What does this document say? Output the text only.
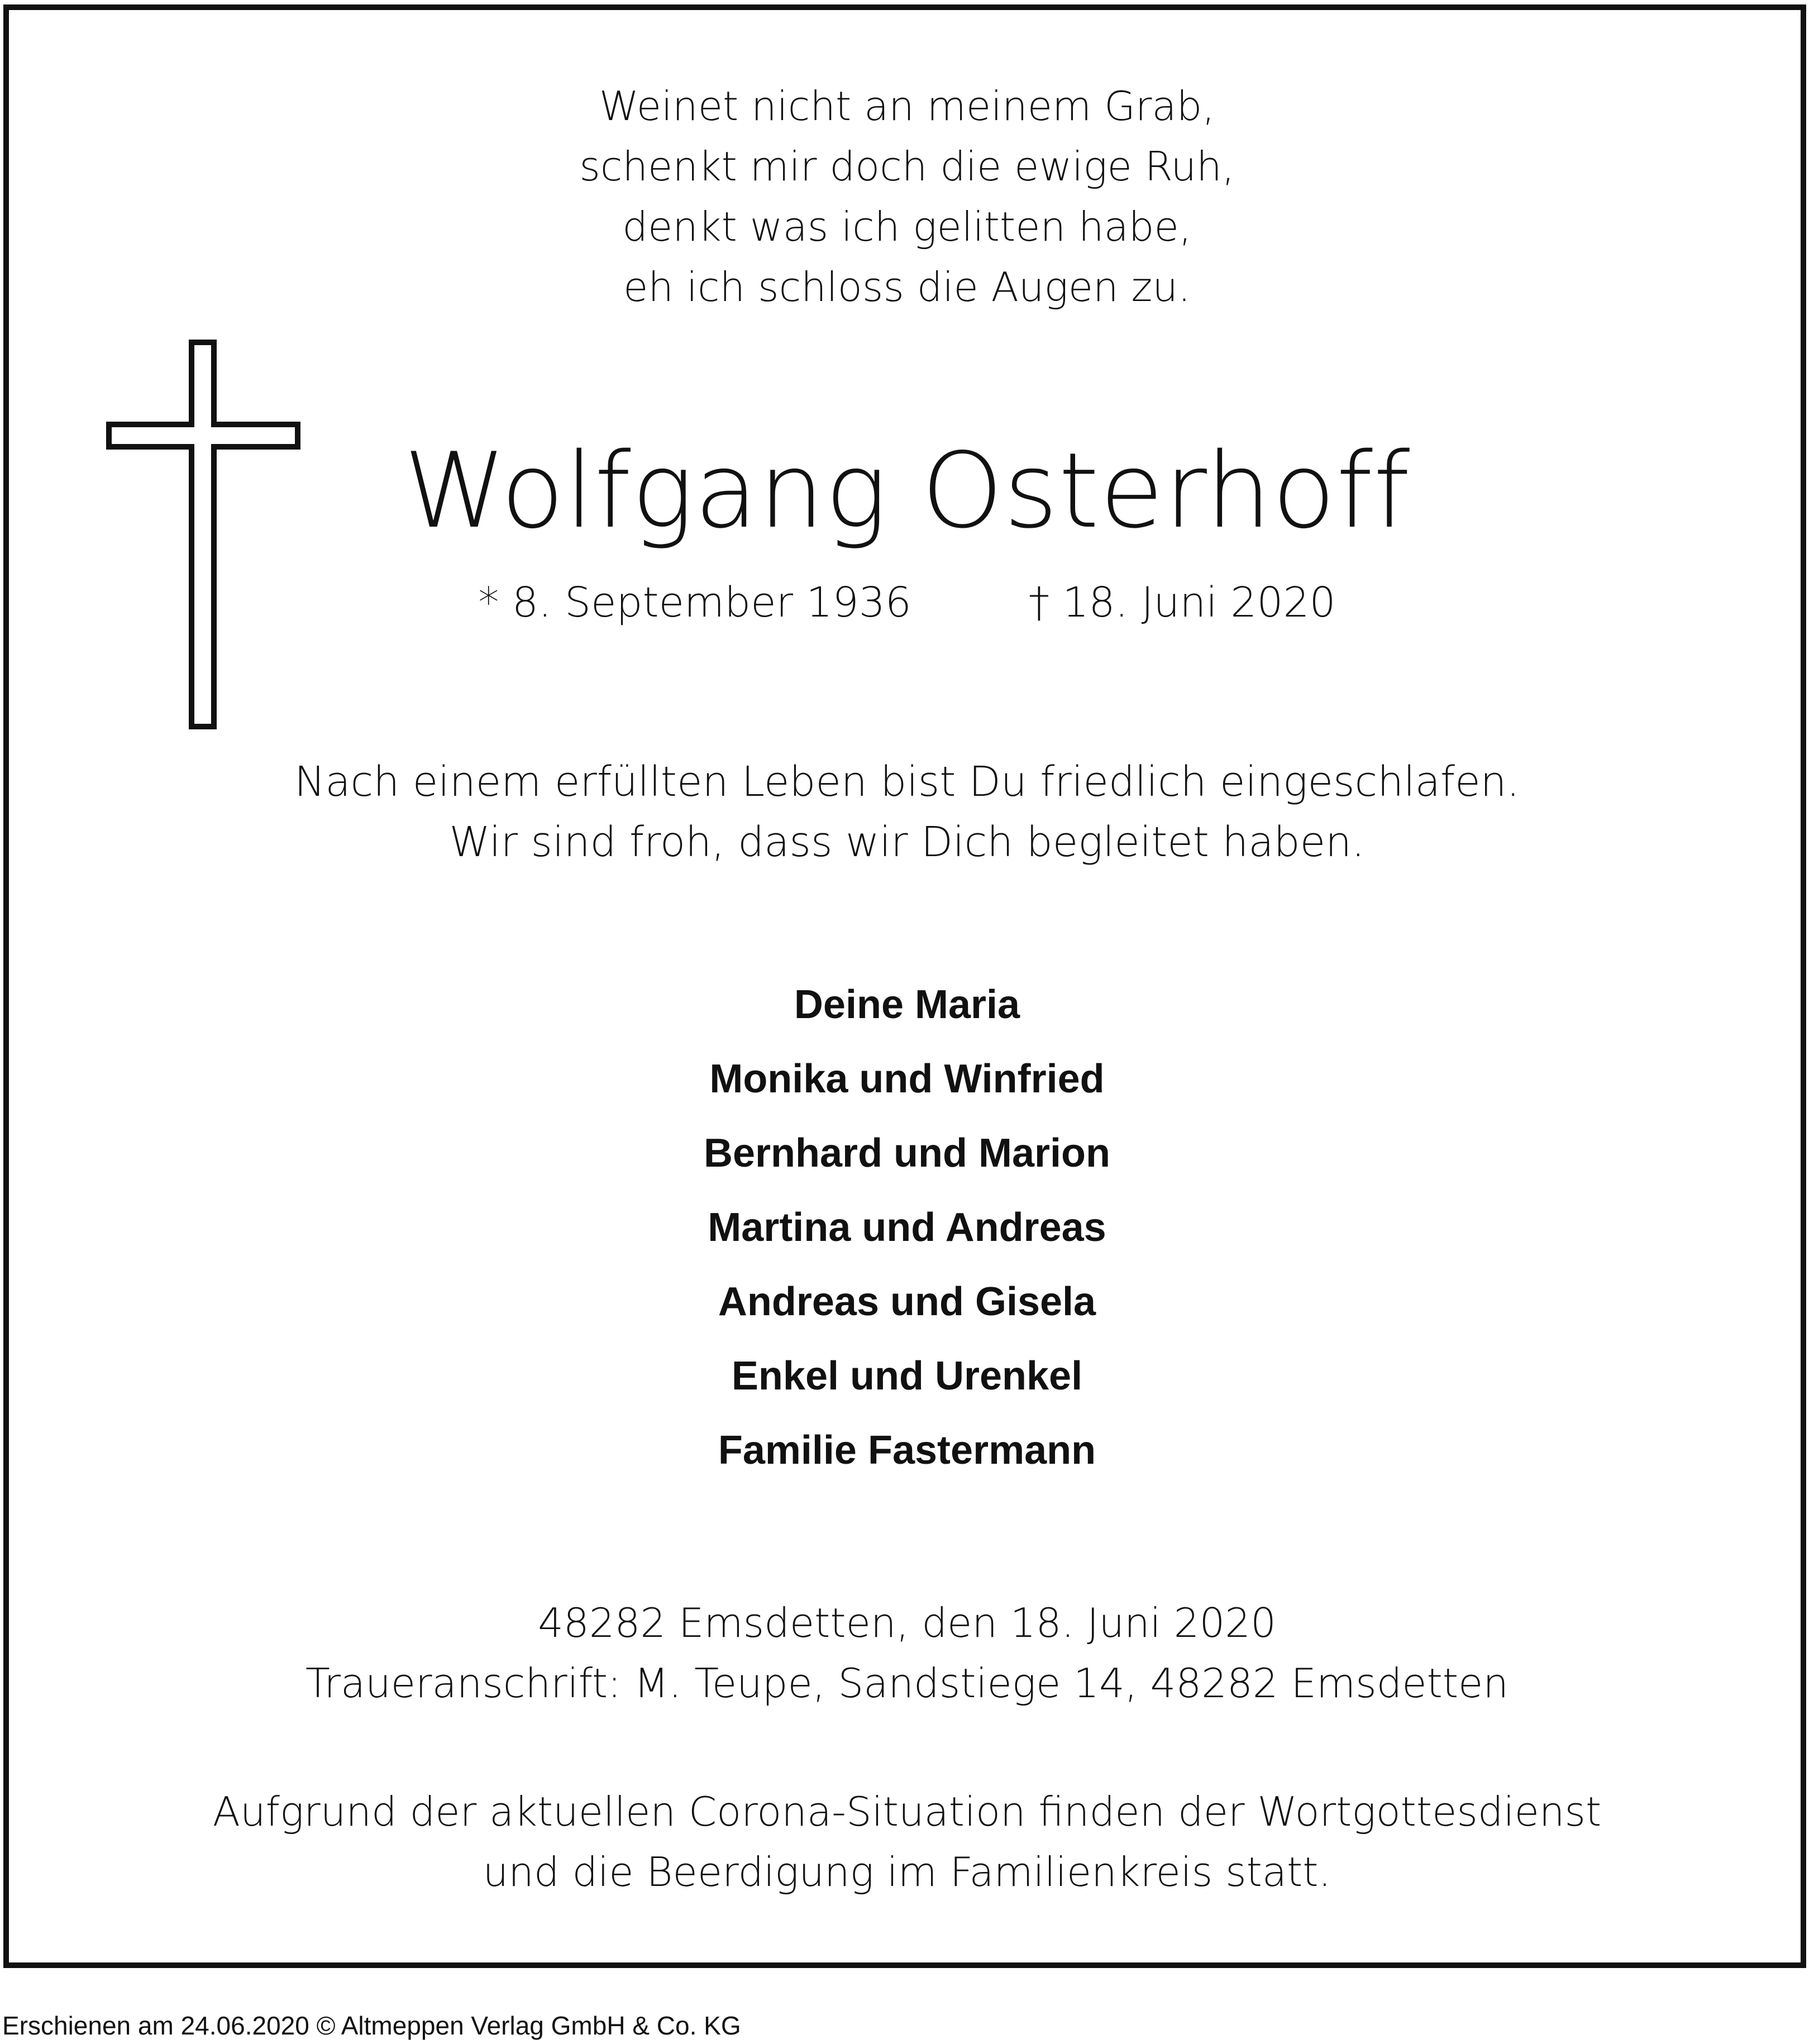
Weinet nicht an meinem Grab,
schenkt mir doch die ewige Ruh,
denkt was ich gelitten habe,
eh ich schloss die Augen zu.
Wolfgang Osterhoff
* 8. September 1936	† 18. Juni 2020
Nach einem erfüllten Leben bist Du friedlich eingeschlafen.
Wir sind froh, dass wir Dich begleitet haben.
Deine Maria
Monika und Winfried
Bernhard und Marion
Martina und Andreas
Andreas und Gisela
Enkel und Urenkel
Familie Fastermann
48282 Emsdetten, den 18. Juni 2020
Traueranschrift: M. Teupe, Sandstiege 14, 48282 Emsdetten
Aufgrund der aktuellen Corona-Situation finden der Wortgottesdienst
und die Beerdigung im Familienkreis statt.
Erschienen am 24.06.2020 © Altmeppen Verlag GmbH & Co. KG
